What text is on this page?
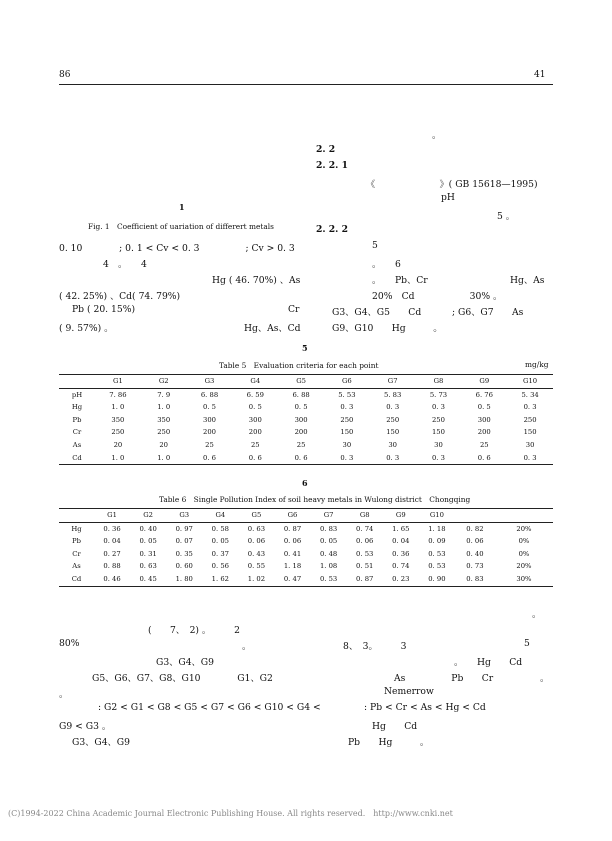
86	41
。
2. 2
2. 2. 1
《　　　　　　　》( GB 15618—1995)
pH
5 。
2. 2. 2
5
。　　6
。　　Pb、Cr	Hg、As
20%　Cd　　　　　　30% 。
G3、G4、G5　　Cd	; G6、G7　　As
G9、G10　　Hg　　　。
1
Fig. 1　Coefficient of uariation of differert metals
0. 10　　　　; 0. 1 < Cv < 0. 3　　　　　; Cv > 0. 3
4　。　　4
Hg ( 46. 70%) 、As
( 42. 25%) 、Cd( 74. 79%)
Pb ( 20. 15%)	Cr
( 9. 57%) 。	Hg、As、Cd
5
Table 5　Evaluation criteria for each point	mg/kg
	G1	G2	G3	G4	G5	G6	G7	G8	G9	G10
pH	7. 86	7. 9	6. 88	6. 59	6. 88	5. 53	5. 83	5. 73	6. 76	5. 34
Hg	1. 0	1. 0	0. 5	0. 5	0. 5	0. 3	0. 3	0. 3	0. 5	0. 3
Pb	350	350	300	300	300	250	250	250	300	250
Cr	250	250	200	200	200	150	150	150	200	150
As	20	20	25	25	25	30	30	30	25	30
Cd	1. 0	1. 0	0. 6	0. 6	0. 6	0. 3	0. 3	0. 3	0. 6	0. 3
6
Table 6　Single Pollution Index of soil heavy metals in Wulong district　Chongqing
	G1	G2	G3	G4	G5	G6	G7	G8	G9	G10		
Hg	0. 36	0. 40	0. 97	0. 58	0. 63	0. 87	0. 83	0. 74	1. 65	1. 18	0. 82	20%
Pb	0. 04	0. 05	0. 07	0. 05	0. 06	0. 06	0. 05	0. 06	0. 04	0. 09	0. 06	0%
Cr	0. 27	0. 31	0. 35	0. 37	0. 43	0. 41	0. 48	0. 53	0. 36	0. 53	0. 40	0%
As	0. 88	0. 63	0. 60	0. 56	0. 55	1. 18	1. 08	0. 51	0. 74	0. 53	0. 73	20%
Cd	0. 46	0. 45	1. 80	1. 62	1. 02	0. 47	0. 53	0. 87	0. 23	0. 90	0. 83	30%
(　　7、　2) 。　　　2
80%	。
G3、G4、G9
G5、G6、G7、G8、G10　　　　G1、G2
。
: G2 < G1 < G8 < G5 < G7 < G6 < G10 < G4 <
G9 < G3 。
G3、G4、G9
。
8、　3。　　　3	5
。　　Hg　　Cd
As　　　　　Pb　　Cr	。
Nemerrow
: Pb < Cr < As < Hg < Cd
Hg　　Cd
Pb　　Hg　　　。
(C)1994-2022 China Academic Journal Electronic Publishing House. All rights reserved.　http://www.cnki.net
